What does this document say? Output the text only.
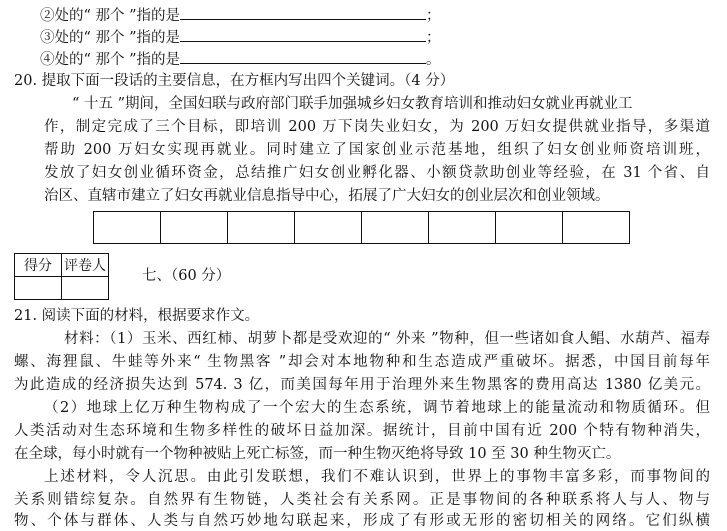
②处的“ 那个 ”指的是	；
③处的“ 那个 ”指的是	；
④处的“ 那个 ”指的是	。
20. 提取下面一段话的主要信息，在方框内写出四个关键词。（4 分）
“ 十五 ”期间，全国妇联与政府部门联手加强城乡妇女教育培训和推动妇女就业再就业工
作，制定完成了三个目标，即培训 200 万下岗失业妇女，为 200 万妇女提供就业指导，多渠道
帮助 200 万妇女实现再就业。同时建立了国家创业示范基地，组织了妇女创业师资培训班，
发放了妇女创业循环资金，总结推广妇女创业孵化器、小额贷款助创业等经验，在 31 个省、自
治区、直辖市建立了妇女再就业信息指导中心，拓展了广大妇女的创业层次和创业领域。
得分	评卷人

七、（60 分）
21. 阅读下面的材料，根据要求作文。
材料：（1）玉米、西红柿、胡萝卜都是受欢迎的“ 外来 ”物种，但一些诸如食人鲳、水葫芦、福寿
螺、海狸鼠、牛蛙等外来“ 生物黑客 ”却会对本地物种和生态造成严重破坏。据悉，中国目前每年
为此造成的经济损失达到 574. 3 亿，而美国每年用于治理外来生物黑客的费用高达 1380 亿美元。
（2）地球上亿万种生物构成了一个宏大的生态系统，调节着地球上的能量流动和物质循环。但
人类活动对生态环境和生物多样性的破坏日益加深。据统计，目前中国有近 200 个特有物种消失，
在全球，每小时就有一个物种被贴上死亡标签，而一种生物灭绝将导致 10 至 30 种生物灭亡。
上述材料，令人沉思。由此引发联想，我们不难认识到，世界上的事物丰富多彩，而事物间的
关系则错综复杂。自然界有生物链，人类社会有关系网。正是事物间的各种联系将人与人、物与
物、个体与群体、人类与自然巧妙地勾联起来，形成了有形或无形的密切相关的网络。它们纵横
